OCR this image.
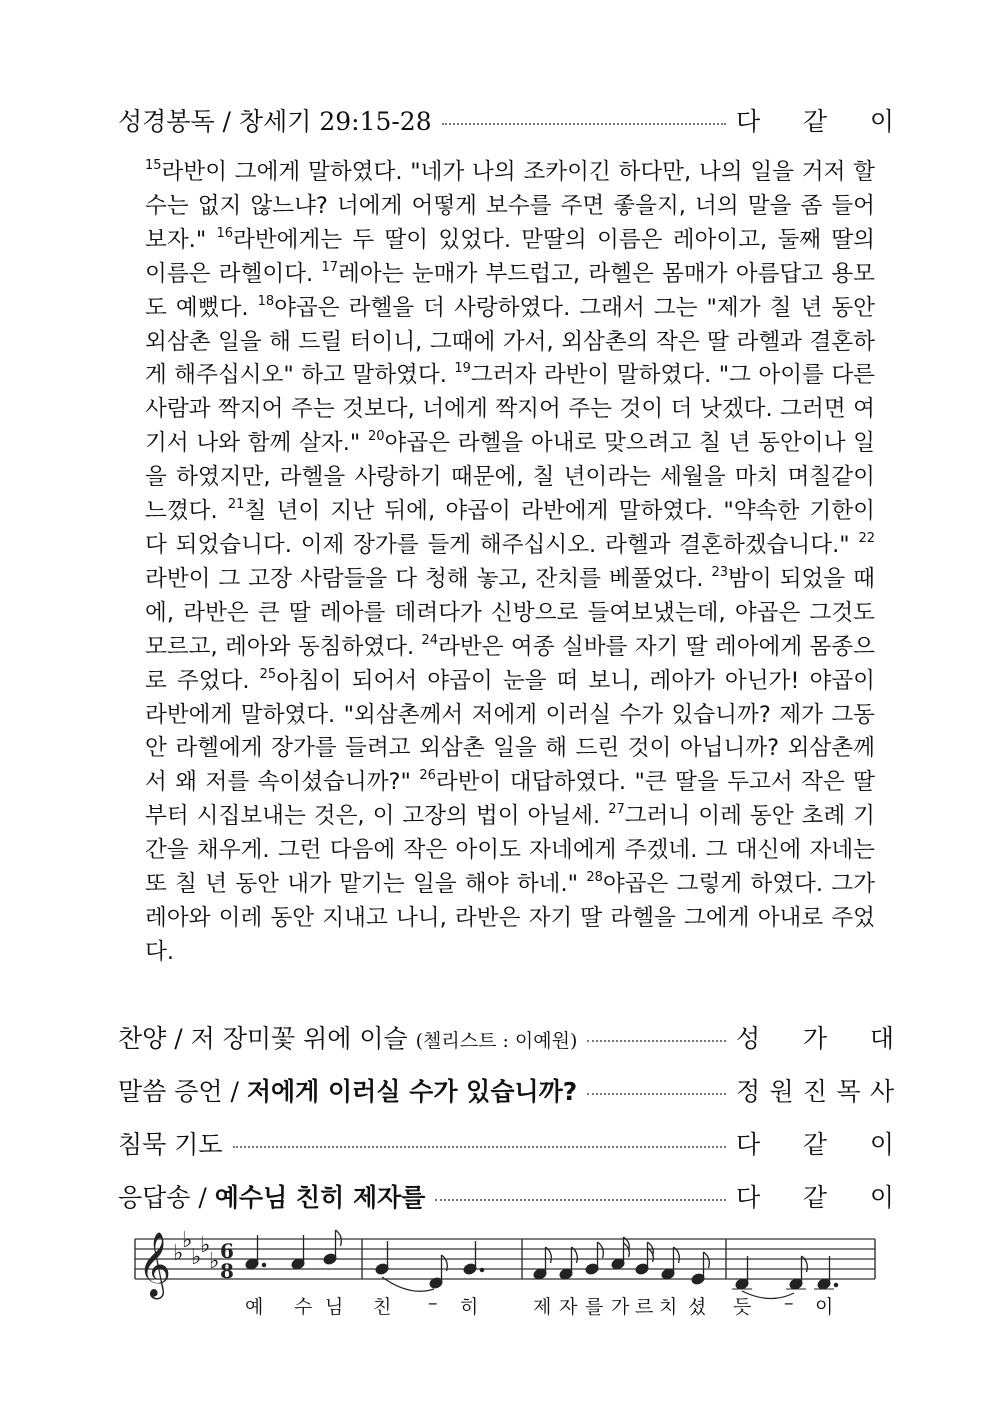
성경봉독 / 창세기 29:15-28	다 같 이
$^{15}$라반이 그에게 말하였다. "네가 나의 조카이긴 하다만, 나의 일을 거저 할 수는 없지 않느냐? 너에게 어떻게 보수를 주면 좋을지, 너의 말을 좀 들어 보자." $^{16}$라반에게는 두 딸이 있었다. 맏딸의 이름은 레아이고, 둘째 딸의 이름은 라헬이다. $^{17}$레아는 눈매가 부드럽고, 라헬은 몸매가 아름답고 용모도 예뻤다. $^{18}$야곱은 라헬을 더 사랑하였다. 그래서 그는 "제가 칠 년 동안 외삼촌 일을 해 드릴 터이니, 그때에 가서, 외삼촌의 작은 딸 라헬과 결혼하게 해주십시오" 하고 말하였다. $^{19}$그러자 라반이 말하였다. "그 아이를 다른 사람과 짝지어 주는 것보다, 너에게 짝지어 주는 것이 더 낫겠다. 그러면 여기서 나와 함께 살자." $^{20}$야곱은 라헬을 아내로 맞으려고 칠 년 동안이나 일을 하였지만, 라헬을 사랑하기 때문에, 칠 년이라는 세월을 마치 며칠같이 느꼈다. $^{21}$칠 년이 지난 뒤에, 야곱이 라반에게 말하였다. "약속한 기한이 다 되었습니다. 이제 장가를 들게 해주십시오. 라헬과 결혼하겠습니다." $^{22}$라반이 그 고장 사람들을 다 청해 놓고, 잔치를 베풀었다. $^{23}$밤이 되었을 때에, 라반은 큰 딸 레아를 데려다가 신방으로 들여보냈는데, 야곱은 그것도 모르고, 레아와 동침하였다. $^{24}$라반은 여종 실바를 자기 딸 레아에게 몸종으로 주었다. $^{25}$아침이 되어서 야곱이 눈을 떠 보니, 레아가 아닌가! 야곱이 라반에게 말하였다. "외삼촌께서 저에게 이러실 수가 있습니까? 제가 그동안 라헬에게 장가를 들려고 외삼촌 일을 해 드린 것이 아닙니까? 외삼촌께서 왜 저를 속이셨습니까?" $^{26}$라반이 대답하였다. "큰 딸을 두고서 작은 딸부터 시집보내는 것은, 이 고장의 법이 아닐세. $^{27}$그러니 이레 동안 초례 기간을 채우게. 그런 다음에 작은 아이도 자네에게 주겠네. 그 대신에 자네는 또 칠 년 동안 내가 맡기는 일을 해야 하네." $^{28}$야곱은 그렇게 하였다. 그가 레아와 이레 동안 지내고 나니, 라반은 자기 딸 라헬을 그에게 아내로 주었다.
찬양 / 저 장미꽃 위에 이슬 (첼리스트 : 이예원)	성 가 대
말씀 증언 / 저에게 이러실 수가 있습니까?	정 원 진 목 사
침묵 기도	다 같 이
응답송 / 예수님 친히 제자를	다 같 이
𝄞 ♭
♭
♭
♭
♭ 6
8
예 수 님 친 – 히	제 자 를 가 르 치 셨 듯 – 이
